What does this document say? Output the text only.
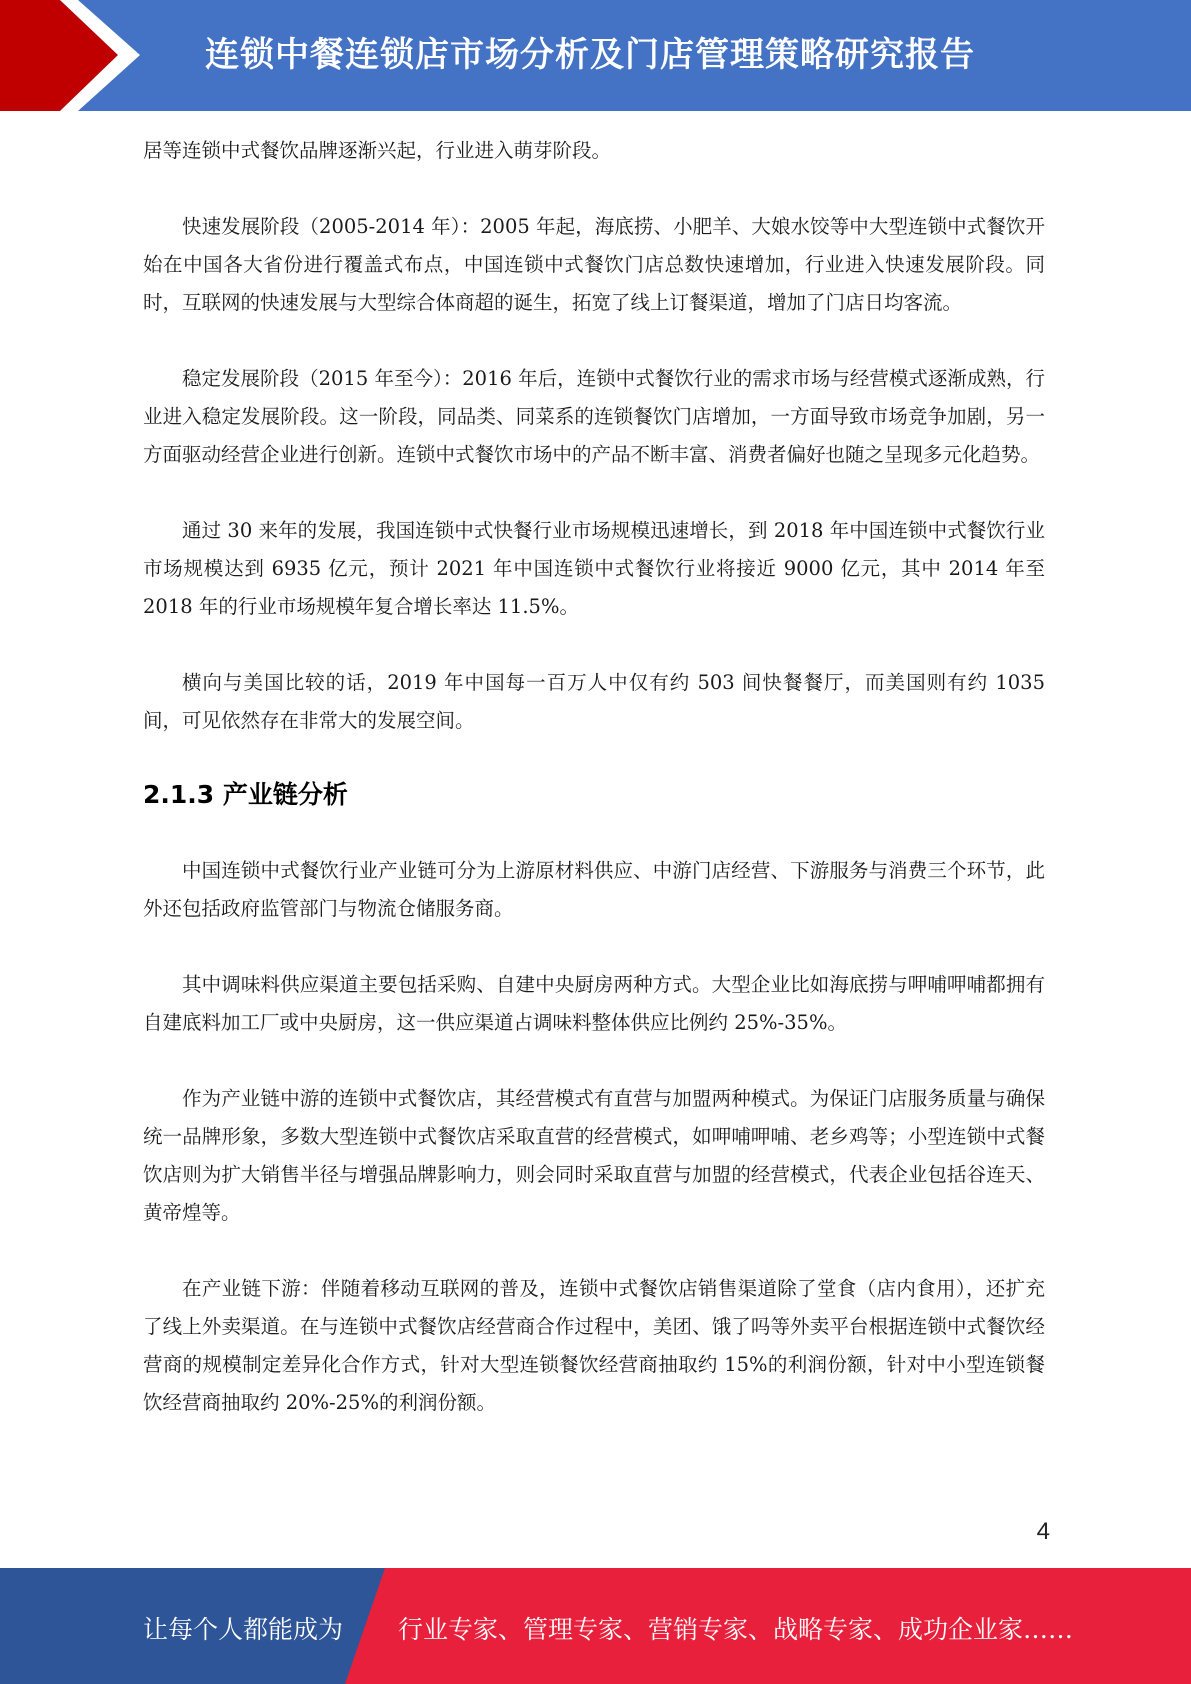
连锁中餐连锁店市场分析及门店管理策略研究报告

居等连锁中式餐饮品牌逐渐兴起，行业进入萌芽阶段。

快速发展阶段（2005-2014 年）：2005 年起，海底捞、小肥羊、大娘水饺等中大型连锁中式餐饮开始在中国各大省份进行覆盖式布点，中国连锁中式餐饮门店总数快速增加，行业进入快速发展阶段。同时，互联网的快速发展与大型综合体商超的诞生，拓宽了线上订餐渠道，增加了门店日均客流。

稳定发展阶段（2015 年至今）：2016 年后，连锁中式餐饮行业的需求市场与经营模式逐渐成熟，行业进入稳定发展阶段。这一阶段，同品类、同菜系的连锁餐饮门店增加，一方面导致市场竞争加剧，另一方面驱动经营企业进行创新。连锁中式餐饮市场中的产品不断丰富、消费者偏好也随之呈现多元化趋势。

通过 30 来年的发展，我国连锁中式快餐行业市场规模迅速增长，到 2018 年中国连锁中式餐饮行业市场规模达到 6935 亿元，预计 2021 年中国连锁中式餐饮行业将接近 9000 亿元，其中 2014 年至 2018 年的行业市场规模年复合增长率达 11.5%。

横向与美国比较的话，2019 年中国每一百万人中仅有约 503 间快餐餐厅，而美国则有约 1035 间，可见依然存在非常大的发展空间。

2.1.3 产业链分析

中国连锁中式餐饮行业产业链可分为上游原材料供应、中游门店经营、下游服务与消费三个环节，此外还包括政府监管部门与物流仓储服务商。

其中调味料供应渠道主要包括采购、自建中央厨房两种方式。大型企业比如海底捞与呷哺呷哺都拥有自建底料加工厂或中央厨房，这一供应渠道占调味料整体供应比例约 25%-35%。

作为产业链中游的连锁中式餐饮店，其经营模式有直营与加盟两种模式。为保证门店服务质量与确保统一品牌形象，多数大型连锁中式餐饮店采取直营的经营模式，如呷哺呷哺、老乡鸡等；小型连锁中式餐饮店则为扩大销售半径与增强品牌影响力，则会同时采取直营与加盟的经营模式，代表企业包括谷连天、黄帝煌等。

在产业链下游：伴随着移动互联网的普及，连锁中式餐饮店销售渠道除了堂食（店内食用），还扩充了线上外卖渠道。在与连锁中式餐饮店经营商合作过程中，美团、饿了吗等外卖平台根据连锁中式餐饮经营商的规模制定差异化合作方式，针对大型连锁餐饮经营商抽取约 15%的利润份额，针对中小型连锁餐饮经营商抽取约 20%-25%的利润份额。

4
让每个人都能成为 行业专家、管理专家、营销专家、战略专家、成功企业家……
